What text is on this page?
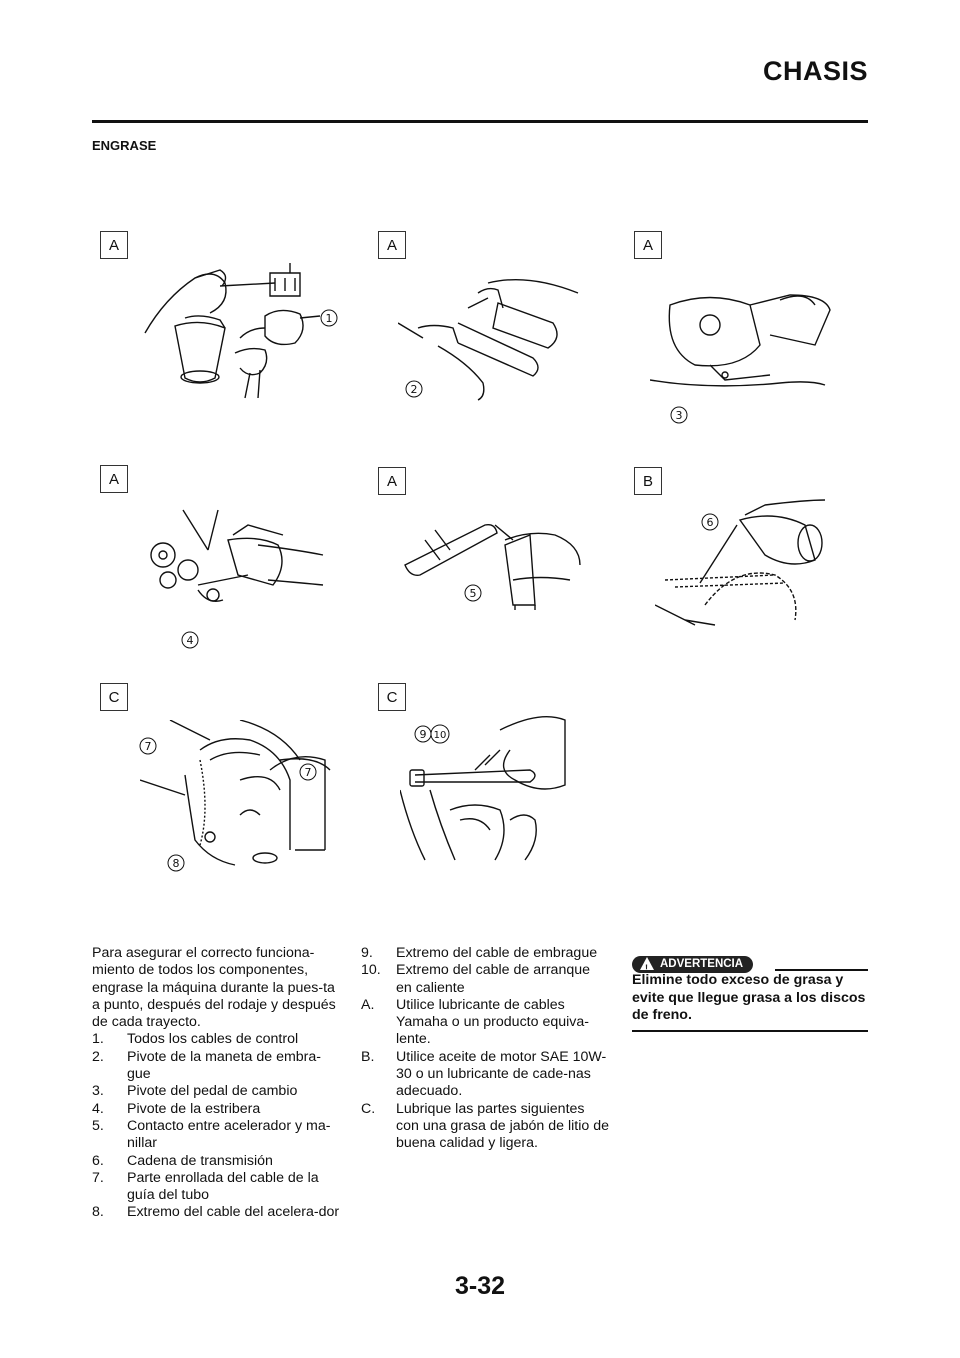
CHASIS
ENGRASE
A	A	A
A	A	B
C	C
1
2
3
4
5
6
7
7
8
9 10
Para asegurar el correcto funciona-miento de todos los componentes, engrase la máquina durante la pues-ta a punto, después del rodaje y después de cada trayecto.
1.	Todos los cables de control
2.	Pivote de la maneta de embra-gue
3.	Pivote del pedal de cambio
4.	Pivote de la estribera
5.	Contacto entre acelerador y ma-nillar
6.	Cadena de transmisión
7.	Parte enrollada del cable de la guía del tubo
8.	Extremo del cable del acelera-dor
9.	Extremo del cable de embrague
10.	Extremo del cable de arranque en caliente
A.	Utilice lubricante de cables Yamaha o un producto equiva-lente.
B.	Utilice aceite de motor SAE 10W-30 o un lubricante de cade-nas adecuado.
C.	Lubrique las partes siguientes con una grasa de jabón de litio de buena calidad y ligera.
! ADVERTENCIA
Elimine todo exceso de grasa y evite que llegue grasa a los discos de freno.
3-32
